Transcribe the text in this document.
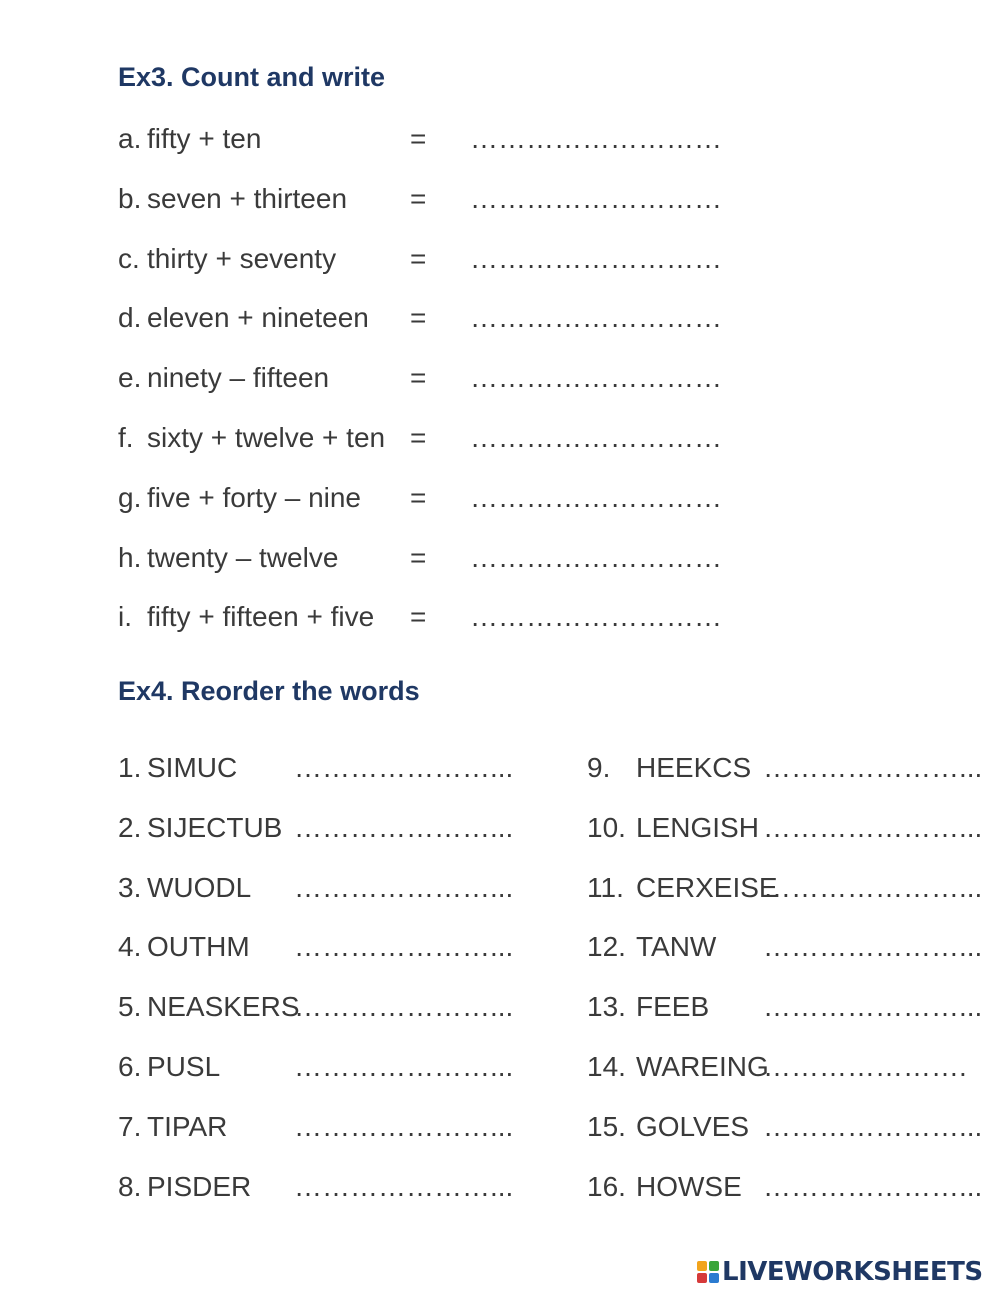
Ex3. Count and write
a. fifty + ten	= ………………………
b. seven + thirteen = ………………………
c. thirty + seventy	= ………………………
d. eleven + nineteen = ………………………
e. ninety – fifteen	= ………………………
f. sixty + twelve + ten = ………………………
g. five + forty – nine = ………………………
h. twenty – twelve	= ………………………
i. fifty + fifteen + five = ………………………
Ex4. Reorder the words
1. SIMUC …………………...
2. SIJECTUB …………………...
3. WUODL …………………...
4. OUTHM …………………...
5. NEASKERS
…………………...
6. PUSL	…………………...
7. TIPAR …………………...
8. PISDER …………………...
9. HEEKCS …………………...
10. LENGISH …………………...
11. CERXEISE
…………………...
12. TANW …………………...
13. FEEB …………………...
14. WAREING
………………….
15. GOLVES …………………...
16. HOWSE …………………...
LIVEWORKSHEETS
